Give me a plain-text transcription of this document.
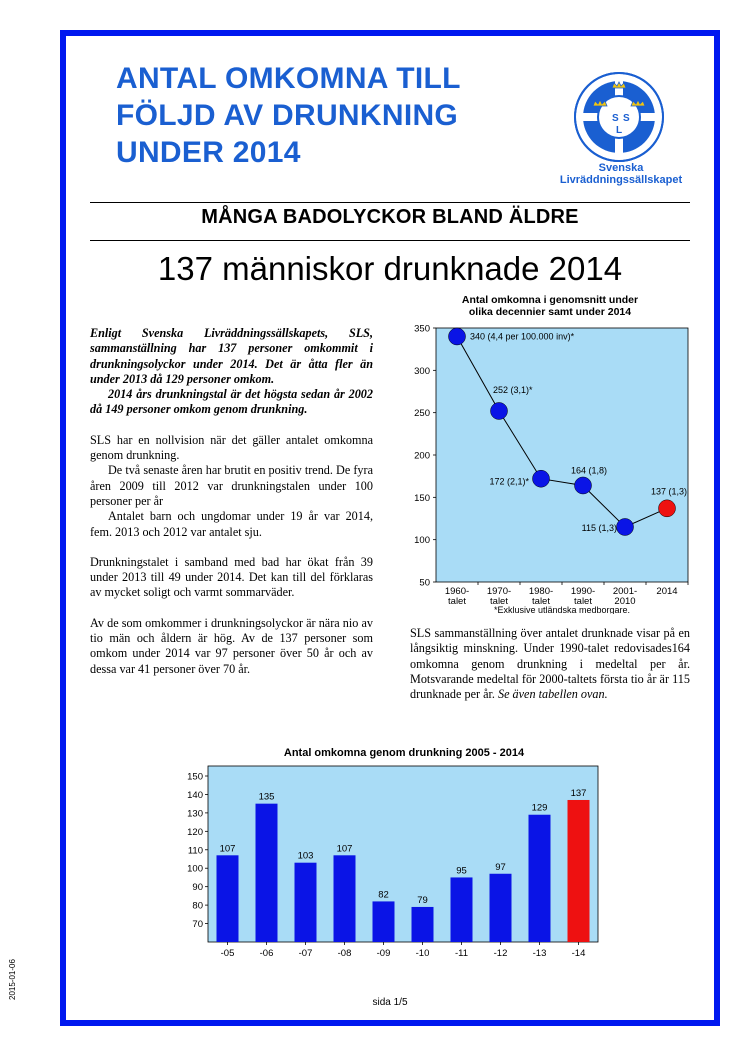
ANTAL OMKOMNA TILL
FÖLJD AV DRUNKNING
UNDER 2014
S S
L
Svenska
Livräddningssällskapet
MÅNGA BADOLYCKOR BLAND ÄLDRE
137 människor drunknade 2014

Enligt Svenska Livräddningssällskapets, SLS, sammanställning har 137 personer omkommit i drunkningsolyckor under 2014. Det är åtta fler än under 2013 då 129 personer omkom.

2014 års drunkningstal är det högsta sedan år 2002 då 149 personer omkom genom drunkning.

SLS har en nollvision när det gäller antalet omkomna genom drunkning.

De två senaste åren har brutit en positiv trend. De fyra åren 2009 till 2012 var drunkningstalen under 100 personer per år

Antalet barn och ungdomar under 19 år var 2014, fem. 2013 och 2012 var antalet sju.

Drunkningstalet i samband med bad har ökat från 39 under 2013 till 49 under 2014. Det kan till del förklaras av mycket soligt och varmt sommarväder.

Av de som omkommer i drunkningsolyckor är nära nio av tio män och åldern är hög. Av de 137 personer som omkom under 2014 var 97 personer över 50 år och av dessa var 41 personer över 70 år.

Antal omkomna i genomsnitt under
olika decennier samt under 2014
50
100
150
200
250
300
350
1960-
talet
1970-
talet
1980-
talet
1990-
talet
2001-
2010
2014
340 (4,4 per 100.000 inv)*
252 (3,1)*
172 (2,1)*
164 (1,8)
115 (1,3)
137 (1,3)
*Exklusive utländska medborgare.
SLS sammanställning över antalet drunknade visar på en långsiktig minskning. Under 1990-talet redovisades164 omkomna genom drunkning i medeltal per år. Motsvarande medeltal för 2000-taltets första tio år är 115 drunknade per år. Se även tabellen ovan.
Antal omkomna genom drunkning 2005 - 2014
70
80
90
100
110
120
130
140
150
107
-05
135
-06
103
-07
107
-08
82
-09
79
-10
95
-11
97
-12
129
-13
137
-14
sida 1/5
2015-01-06
